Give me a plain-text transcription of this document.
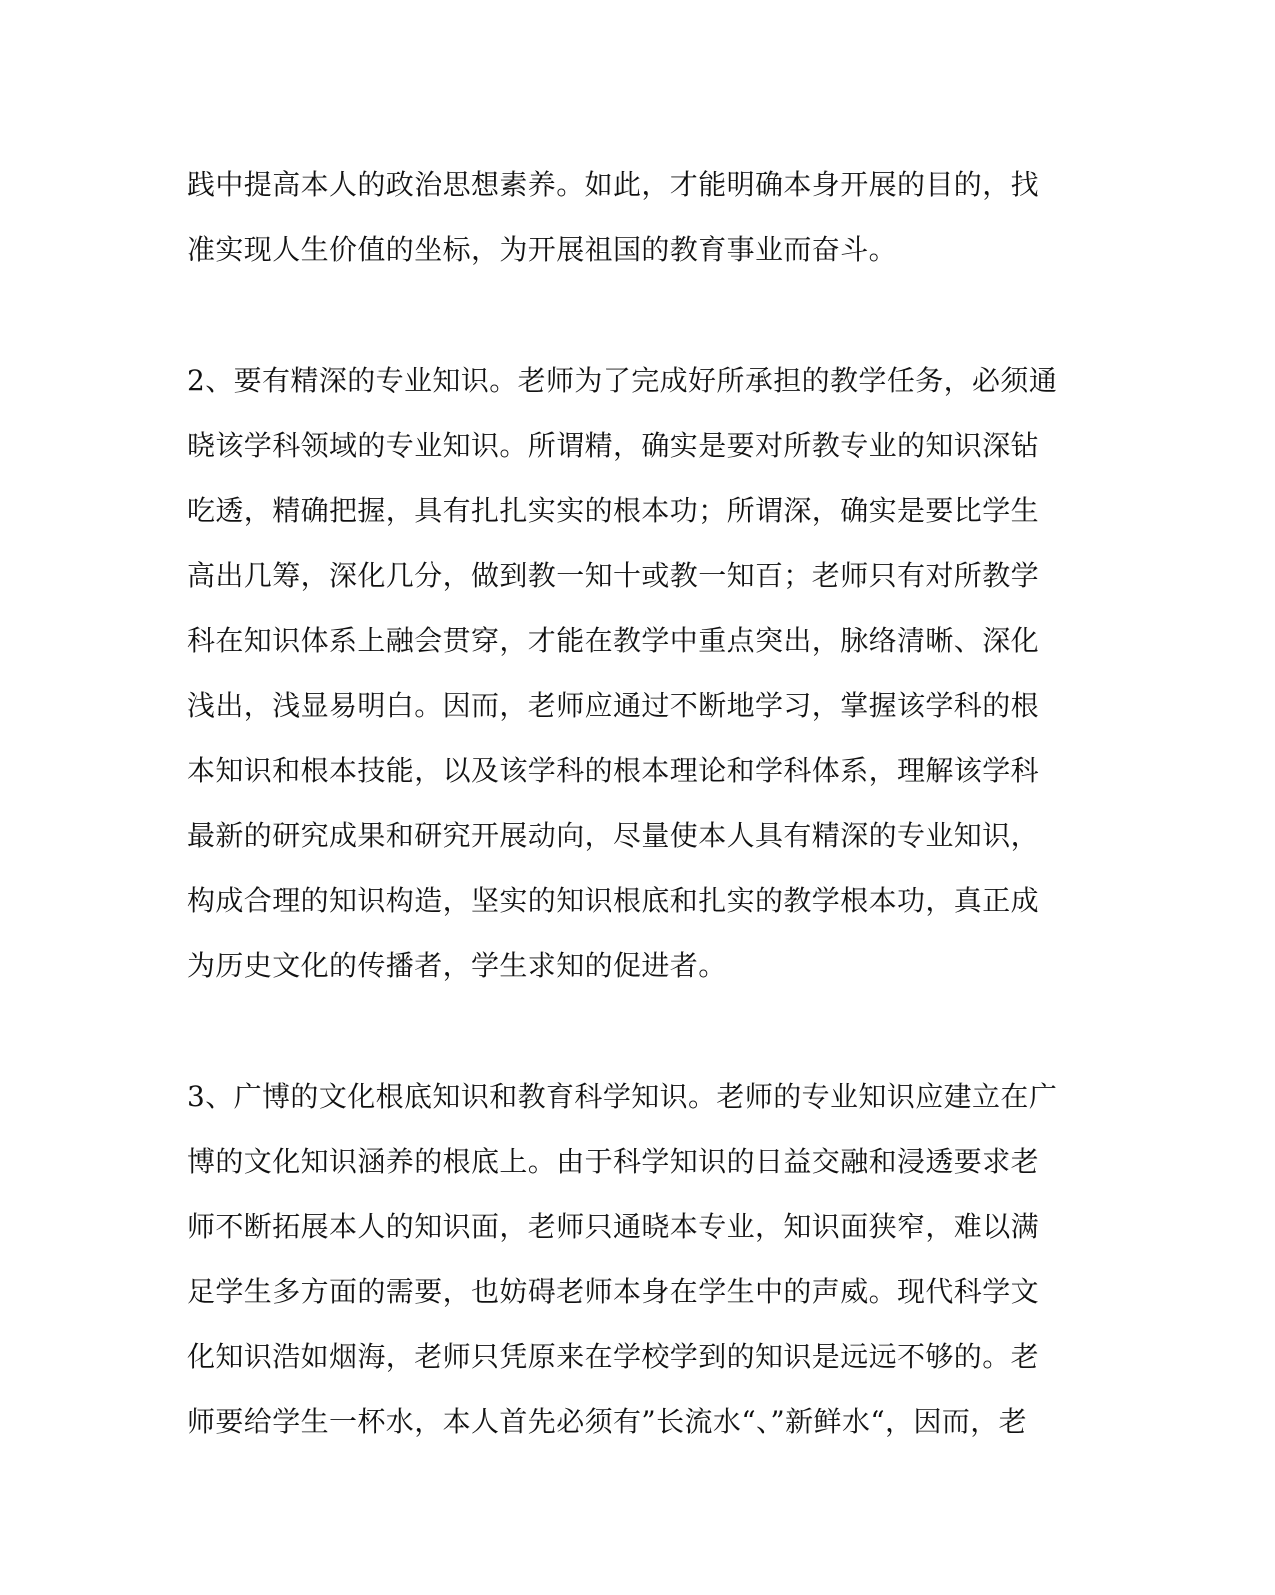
践中提高本人的政治思想素养。如此，才能明确本身开展的目的，找
准实现人生价值的坐标，为开展祖国的教育事业而奋斗。
2、要有精深的专业知识。老师为了完成好所承担的教学任务，必须通
晓该学科领域的专业知识。所谓精，确实是要对所教专业的知识深钻
吃透，精确把握，具有扎扎实实的根本功；所谓深，确实是要比学生
高出几筹，深化几分，做到教一知十或教一知百；老师只有对所教学
科在知识体系上融会贯穿，才能在教学中重点突出，脉络清晰、深化
浅出，浅显易明白。因而，老师应通过不断地学习，掌握该学科的根
本知识和根本技能，以及该学科的根本理论和学科体系，理解该学科
最新的研究成果和研究开展动向，尽量使本人具有精深的专业知识，
构成合理的知识构造，坚实的知识根底和扎实的教学根本功，真正成
为历史文化的传播者，学生求知的促进者。
3、广博的文化根底知识和教育科学知识。老师的专业知识应建立在广
博的文化知识涵养的根底上。由于科学知识的日益交融和浸透要求老
师不断拓展本人的知识面，老师只通晓本专业，知识面狭窄，难以满
足学生多方面的需要，也妨碍老师本身在学生中的声威。现代科学文
化知识浩如烟海，老师只凭原来在学校学到的知识是远远不够的。老
师要给学生一杯水，本人首先必须有”长流水“、”新鲜水“，因而，老
